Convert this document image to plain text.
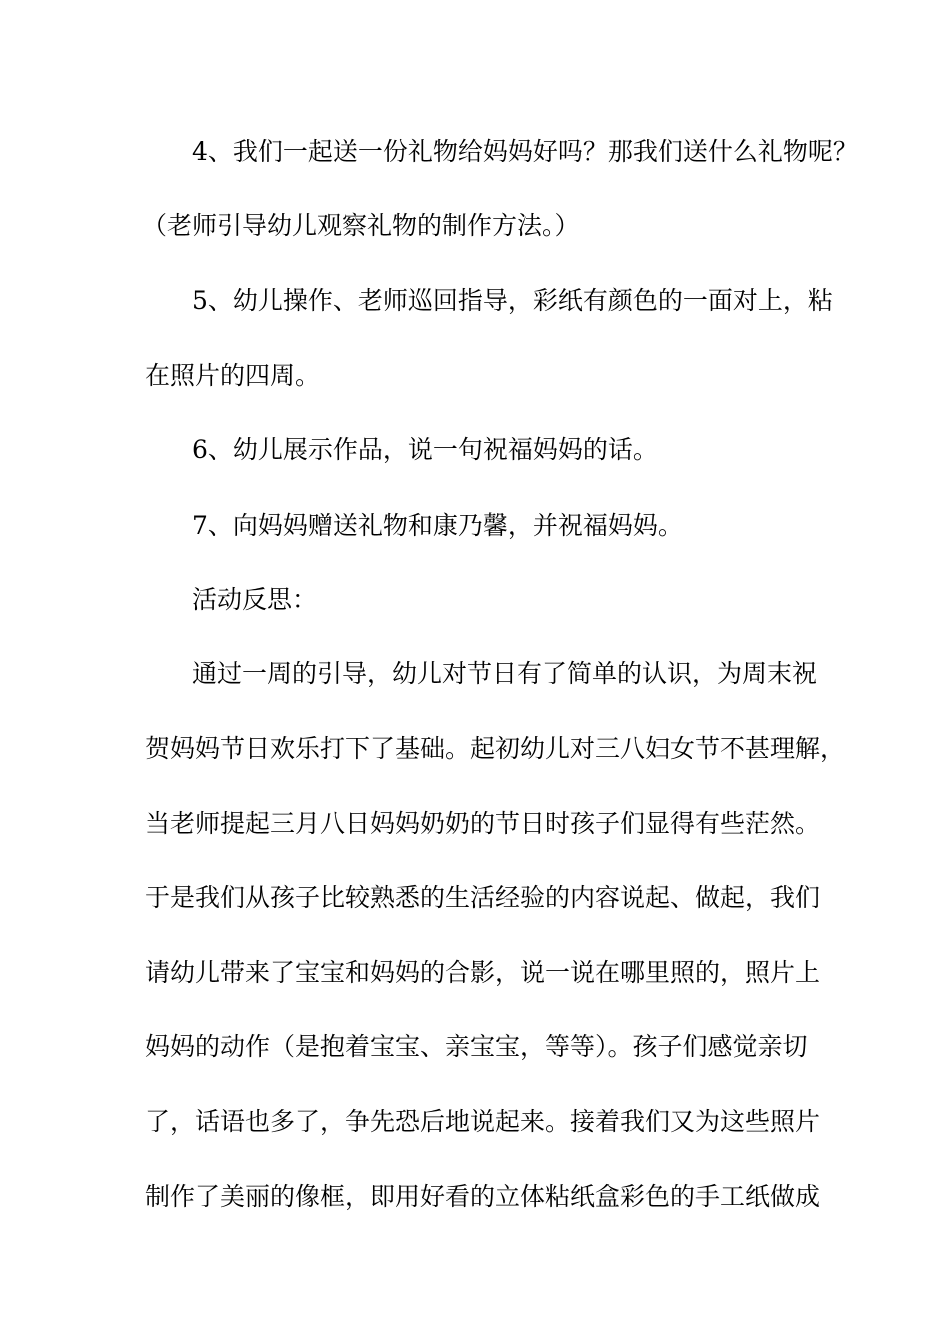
4、我们一起送一份礼物给妈妈好吗？那我们送什么礼物呢？
（老师引导幼儿观察礼物的制作方法。）
5、幼儿操作、老师巡回指导，彩纸有颜色的一面对上，粘
在照片的四周。
6、幼儿展示作品，说一句祝福妈妈的话。
7、向妈妈赠送礼物和康乃馨，并祝福妈妈。
活动反思：
通过一周的引导，幼儿对节日有了简单的认识，为周末祝
贺妈妈节日欢乐打下了基础。起初幼儿对三八妇女节不甚理解，
当老师提起三月八日妈妈奶奶的节日时孩子们显得有些茫然。
于是我们从孩子比较熟悉的生活经验的内容说起、做起，我们
请幼儿带来了宝宝和妈妈的合影，说一说在哪里照的，照片上
妈妈的动作（是抱着宝宝、亲宝宝，等等）。孩子们感觉亲切
了，话语也多了，争先恐后地说起来。接着我们又为这些照片
制作了美丽的像框，即用好看的立体粘纸盒彩色的手工纸做成
